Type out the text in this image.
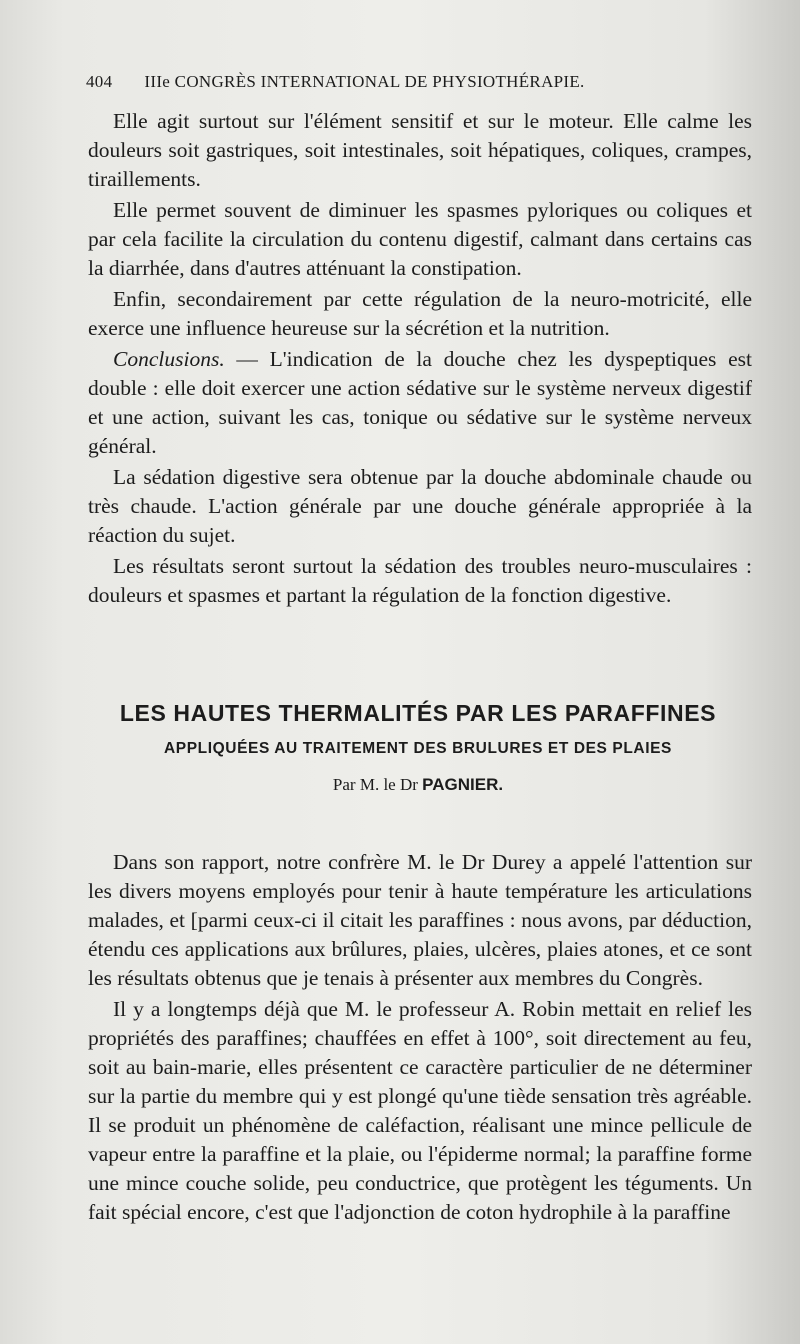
404 IIIe CONGRÈS INTERNATIONAL DE PHYSIOTHÉRAPIE.

Elle agit surtout sur l'élément sensitif et sur le moteur. Elle calme les douleurs soit gastriques, soit intestinales, soit hépatiques, coliques, crampes, tiraillements.

Elle permet souvent de diminuer les spasmes pyloriques ou coliques et par cela facilite la circulation du contenu digestif, calmant dans certains cas la diarrhée, dans d'autres atténuant la constipation.

Enfin, secondairement par cette régulation de la neuro-motricité, elle exerce une influence heureuse sur la sécrétion et la nutrition.

Conclusions. — L'indication de la douche chez les dyspeptiques est double : elle doit exercer une action sédative sur le système nerveux digestif et une action, suivant les cas, tonique ou sédative sur le système nerveux général.

La sédation digestive sera obtenue par la douche abdominale chaude ou très chaude. L'action générale par une douche générale appropriée à la réaction du sujet.

Les résultats seront surtout la sédation des troubles neuro-musculaires : douleurs et spasmes et partant la régulation de la fonction digestive.

LES HAUTES THERMALITÉS PAR LES PARAFFINES
APPLIQUÉES AU TRAITEMENT DES BRULURES ET DES PLAIES
Par M. le Dr PAGNIER.

Dans son rapport, notre confrère M. le Dr Durey a appelé l'attention sur les divers moyens employés pour tenir à haute température les articulations malades, et [parmi ceux-ci il citait les paraffines : nous avons, par déduction, étendu ces applications aux brûlures, plaies, ulcères, plaies atones, et ce sont les résultats obtenus que je tenais à présenter aux membres du Congrès.

Il y a longtemps déjà que M. le professeur A. Robin mettait en relief les propriétés des paraffines; chauffées en effet à 100°, soit directement au feu, soit au bain-marie, elles présentent ce caractère particulier de ne déterminer sur la partie du membre qui y est plongé qu'une tiède sensation très agréable. Il se produit un phénomène de caléfaction, réalisant une mince pellicule de vapeur entre la paraffine et la plaie, ou l'épiderme normal; la paraffine forme une mince couche solide, peu conductrice, que protègent les téguments. Un fait spécial encore, c'est que l'adjonction de coton hydrophile à la paraffine
